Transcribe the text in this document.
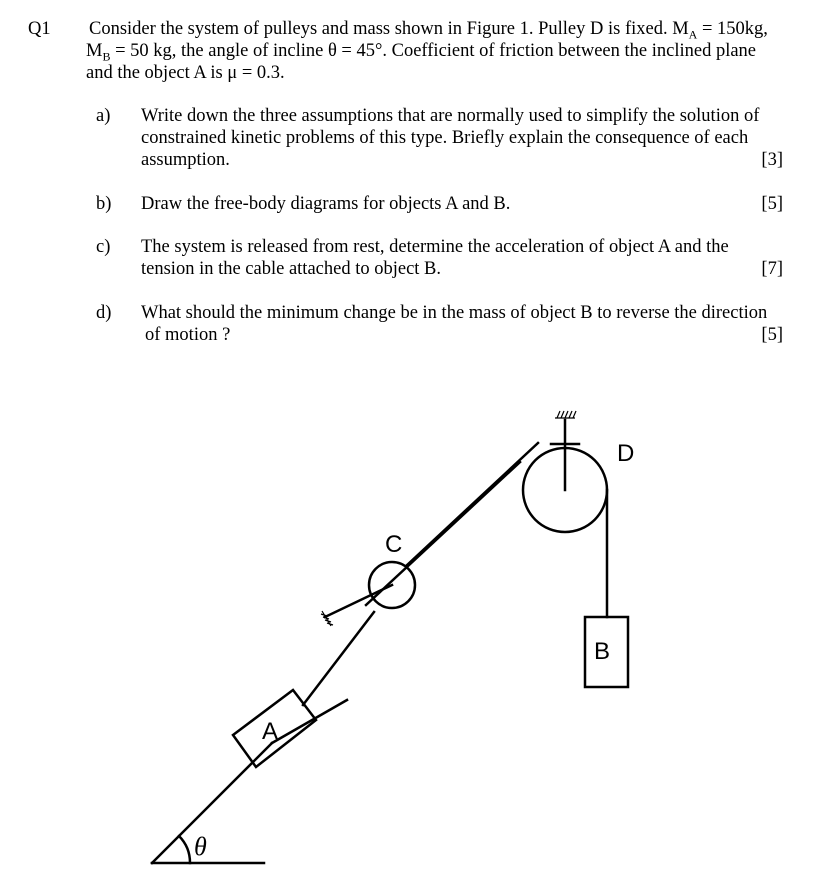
Q1 Consider the system of pulleys and mass shown in Figure 1. Pulley D is fixed. $M_A = 150kg$,
$M_B = 50$ kg, the angle of incline θ = 45°. Coefficient of friction between the inclined plane
and the object A is μ = 0.3.
a) Write down the three assumptions that are normally used to simplify the solution of
constrained kinetic problems of this type. Briefly explain the consequence of each
assumption.	[3]
b) Draw the free-body diagrams for objects A and B.	[5]
c) The system is released from rest, determine the acceleration of object A and the
tension in the cable attached to object B.	[7]
d) What should the minimum change be in the mass of object B to reverse the direction
of motion ?	[5]
D
C
A
B
θ
